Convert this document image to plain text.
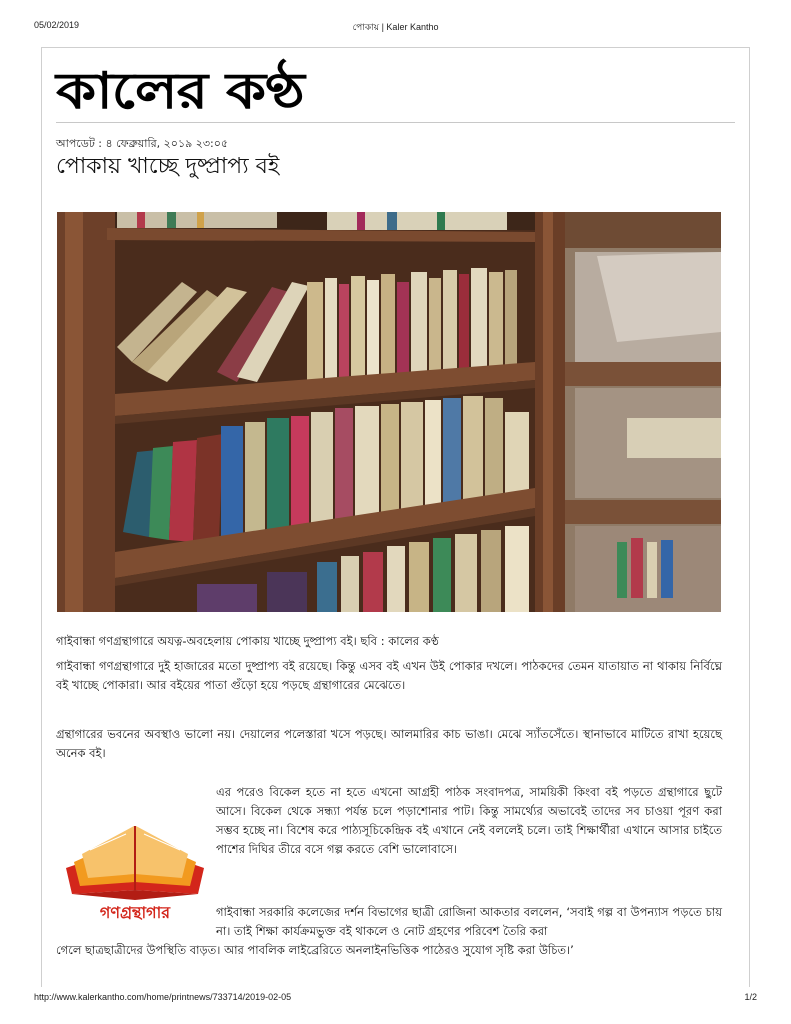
05/02/2019	পোকায় | Kaler Kantho
কালের কণ্ঠ
আপডেট : ৪ ফেব্রুয়ারি, ২০১৯ ২৩:০৫
পোকায় খাচ্ছে দুষ্প্রাপ্য বই
গাইবান্ধা গণগ্রন্থাগারে অযত্ন-অবহেলায় পোকায় খাচ্ছে দুষ্প্রাপ্য বই। ছবি : কালের কণ্ঠ
গাইবান্ধা গণগ্রন্থাগারে দুই হাজারের মতো দুষ্প্রাপ্য বই রয়েছে। কিন্তু এসব বই এখন উই পোকার দখলে। পাঠকদের তেমন যাতায়াত না থাকায় নির্বিঘ্নে বই খাচ্ছে পোকারা। আর বইয়ের পাতা গুঁড়ো হয়ে পড়ছে গ্রন্থাগারের মেঝেতে।
গ্রন্থাগারের ভবনের অবস্থাও ভালো নয়। দেয়ালের পলেস্তারা খসে পড়ছে। আলমারির কাচ ভাঙা। মেঝে স্যাঁতসেঁতে। স্থানাভাবে মাটিতে রাখা হয়েছে অনেক বই।
গণগ্রন্থাগার
এর পরেও বিকেল হতে না হতে এখনো আগ্রহী পাঠক সংবাদপত্র, সাময়িকী কিংবা বই পড়তে গ্রন্থাগারে ছুটে আসে। বিকেল থেকে সন্ধ্যা পর্যন্ত চলে পড়াশোনার পাট। কিন্তু সামর্থ্যের অভাবেই তাদের সব চাওয়া পূরণ করা সম্ভব হচ্ছে না। বিশেষ করে পাঠ্যসূচিকেন্দ্রিক বই এখানে নেই বললেই চলে। তাই শিক্ষার্থীরা এখানে আসার চাইতে পাশের দিঘির তীরে বসে গল্প করতে বেশি ভালোবাসে।
গাইবান্ধা সরকারি কলেজের দর্শন বিভাগের ছাত্রী রোজিনা আকতার বললেন, ‘সবাই গল্প বা উপন্যাস পড়তে চায় না। তাই শিক্ষা কার্যক্রমভুক্ত বই থাকলে ও নোট গ্রহণের পরিবেশ তৈরি করা
গেলে ছাত্রছাত্রীদের উপস্থিতি বাড়ত। আর পাবলিক লাইব্রেরিতে অনলাইনভিত্তিক পাঠেরও সুযোগ সৃষ্টি করা উচিত।’
http://www.kalerkantho.com/home/printnews/733714/2019-02-05	1/2
